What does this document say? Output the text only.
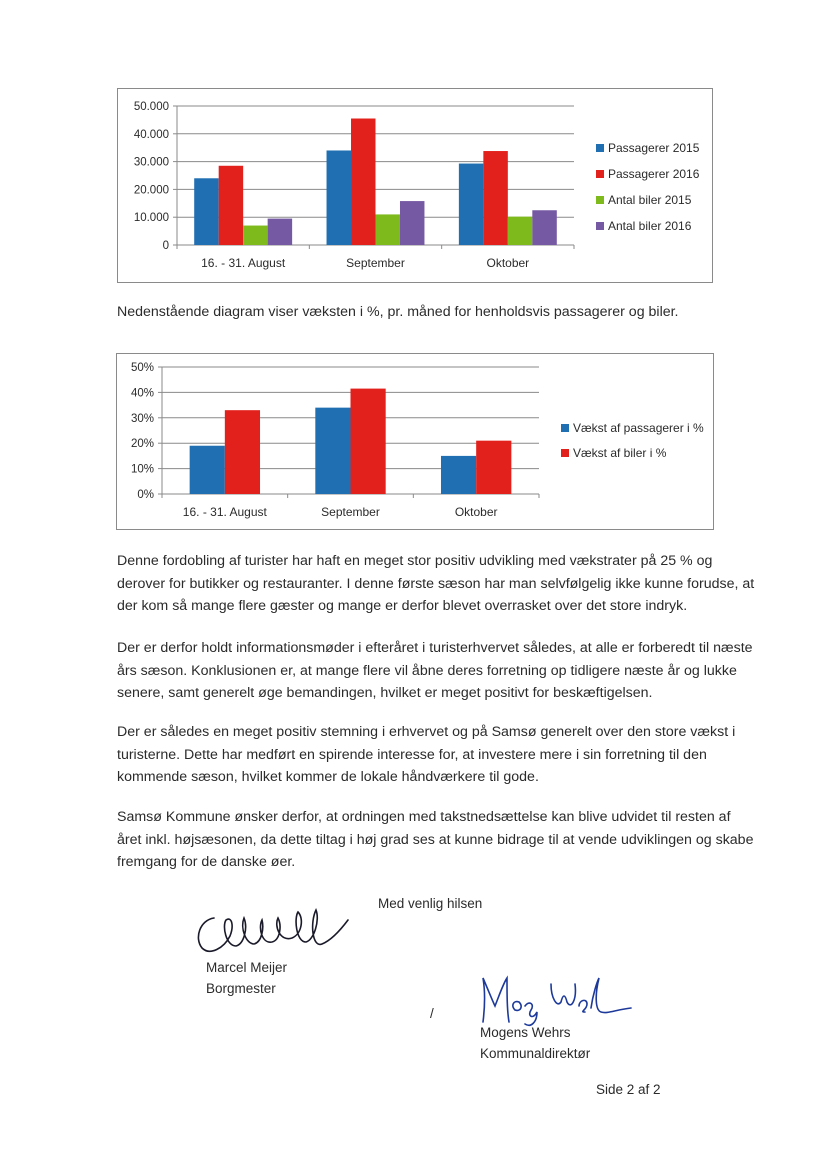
0
10.000
20.000
30.000
40.000
50.000
16. - 31. August	September	Oktober
Passagerer 2015
Passagerer 2016
Antal biler 2015
Antal biler 2016

Nedenstående diagram viser væksten i %, pr. måned for henholdsvis passagerer og biler.

0%
10%
20%
30%
40%
50%
16. - 31. August	September	Oktober
Vækst af passagerer i %
Vækst af biler i %

Denne fordobling af turister har haft en meget stor positiv udvikling med vækstrater på 25 % og derover for butikker og restauranter. I denne første sæson har man selvfølgelig ikke kunne forudse, at der kom så mange flere gæster og mange er derfor blevet overrasket over det store indryk.

Der er derfor holdt informationsmøder i efteråret i turisterhvervet således, at alle er forberedt til næste års sæson. Konklusionen er, at mange flere vil åbne deres forretning op tidligere næste år og lukke senere, samt generelt øge bemandingen, hvilket er meget positivt for beskæftigelsen.

Der er således en meget positiv stemning i erhvervet og på Samsø generelt over den store vækst i turisterne. Dette har medført en spirende interesse for, at investere mere i sin forretning til den kommende sæson, hvilket kommer de lokale håndværkere til gode.

Samsø Kommune ønsker derfor, at ordningen med takstnedsættelse kan blive udvidet til resten af året inkl. højsæsonen, da dette tiltag i høj grad ses at kunne bidrage til at vende udviklingen og skabe fremgang for de danske øer.

Med venlig hilsen
Marcel Meijer
Borgmester
/
Mogens Wehrs
Kommunaldirektør
Side 2 af 2
